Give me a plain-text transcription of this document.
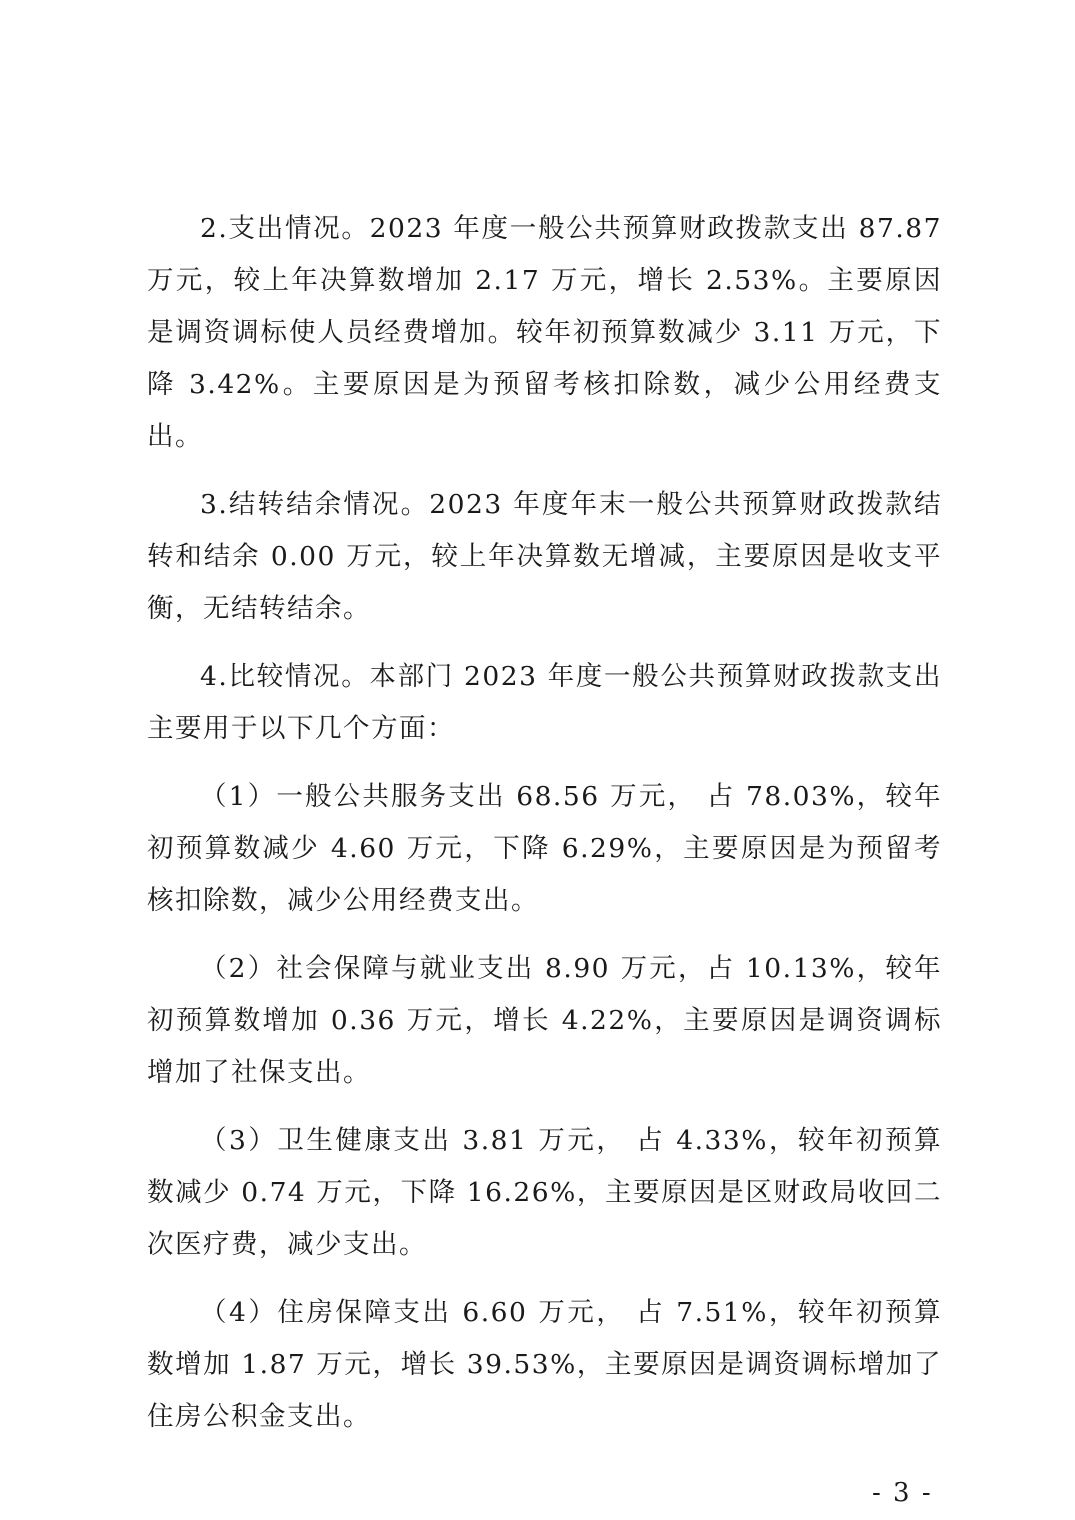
2.支出情况。2023 年度一般公共预算财政拨款支出 87.87 万元，较上年决算数增加 2.17 万元，增长 2.53%。主要原因是调资调标使人员经费增加。较年初预算数减少 3.11 万元，下降 3.42%。主要原因是为预留考核扣除数，减少公用经费支出。

3.结转结余情况。2023 年度年末一般公共预算财政拨款结转和结余 0.00 万元，较上年决算数无增减，主要原因是收支平衡，无结转结余。

4.比较情况。本部门 2023 年度一般公共预算财政拨款支出主要用于以下几个方面：

（1）一般公共服务支出 68.56 万元， 占 78.03%，较年初预算数减少 4.60 万元，下降 6.29%，主要原因是为预留考核扣除数，减少公用经费支出。

（2）社会保障与就业支出 8.90 万元，占 10.13%，较年初预算数增加 0.36 万元，增长 4.22%，主要原因是调资调标增加了社保支出。

（3）卫生健康支出 3.81 万元， 占 4.33%，较年初预算数减少 0.74 万元，下降 16.26%，主要原因是区财政局收回二次医疗费，减少支出。

（4）住房保障支出 6.60 万元， 占 7.51%，较年初预算数增加 1.87 万元，增长 39.53%，主要原因是调资调标增加了住房公积金支出。

- 3 -
